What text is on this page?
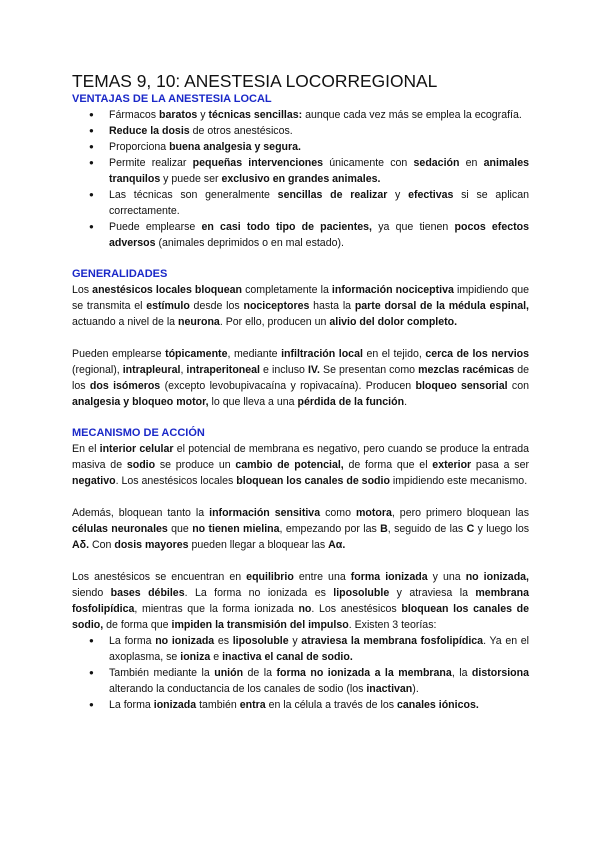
TEMAS 9, 10: ANESTESIA LOCORREGIONAL
VENTAJAS DE LA ANESTESIA LOCAL
● Fármacos baratos y técnicas sencillas: aunque cada vez más se emplea la ecografía.
● Reduce la dosis de otros anestésicos.
● Proporciona buena analgesia y segura.
● Permite realizar pequeñas intervenciones únicamente con sedación en animales tranquilos y puede ser exclusivo en grandes animales.
● Las técnicas son generalmente sencillas de realizar y efectivas si se aplican correctamente.
● Puede emplearse en casi todo tipo de pacientes, ya que tienen pocos efectos adversos (animales deprimidos o en mal estado).
GENERALIDADES

Los anestésicos locales bloquean completamente la información nociceptiva impidiendo que se transmita el estímulo desde los nociceptores hasta la parte dorsal de la médula espinal, actuando a nivel de la neurona. Por ello, producen un alivio del dolor completo.

Pueden emplearse tópicamente, mediante infiltración local en el tejido, cerca de los nervios (regional), intrapleural, intraperitoneal e incluso IV. Se presentan como mezclas racémicas de los dos isómeros (excepto levobupivacaína y ropivacaína). Producen bloqueo sensorial con analgesia y bloqueo motor, lo que lleva a una pérdida de la función.

MECANISMO DE ACCIÓN

En el interior celular el potencial de membrana es negativo, pero cuando se produce la entrada masiva de sodio se produce un cambio de potencial, de forma que el exterior pasa a ser negativo. Los anestésicos locales bloquean los canales de sodio impidiendo este mecanismo.

Además, bloquean tanto la información sensitiva como motora, pero primero bloquean las células neuronales que no tienen mielina, empezando por las B, seguido de las C y luego los Aδ. Con dosis mayores pueden llegar a bloquear las Aα.

Los anestésicos se encuentran en equilibrio entre una forma ionizada y una no ionizada, siendo bases débiles. La forma no ionizada es liposoluble y atraviesa la membrana fosfolipídica, mientras que la forma ionizada no. Los anestésicos bloquean los canales de sodio, de forma que impiden la transmisión del impulso. Existen 3 teorías:

● La forma no ionizada es liposoluble y atraviesa la membrana fosfolipídica. Ya en el axoplasma, se ioniza e inactiva el canal de sodio.
● También mediante la unión de la forma no ionizada a la membrana, la distorsiona alterando la conductancia de los canales de sodio (los inactivan).
● La forma ionizada también entra en la célula a través de los canales iónicos.
